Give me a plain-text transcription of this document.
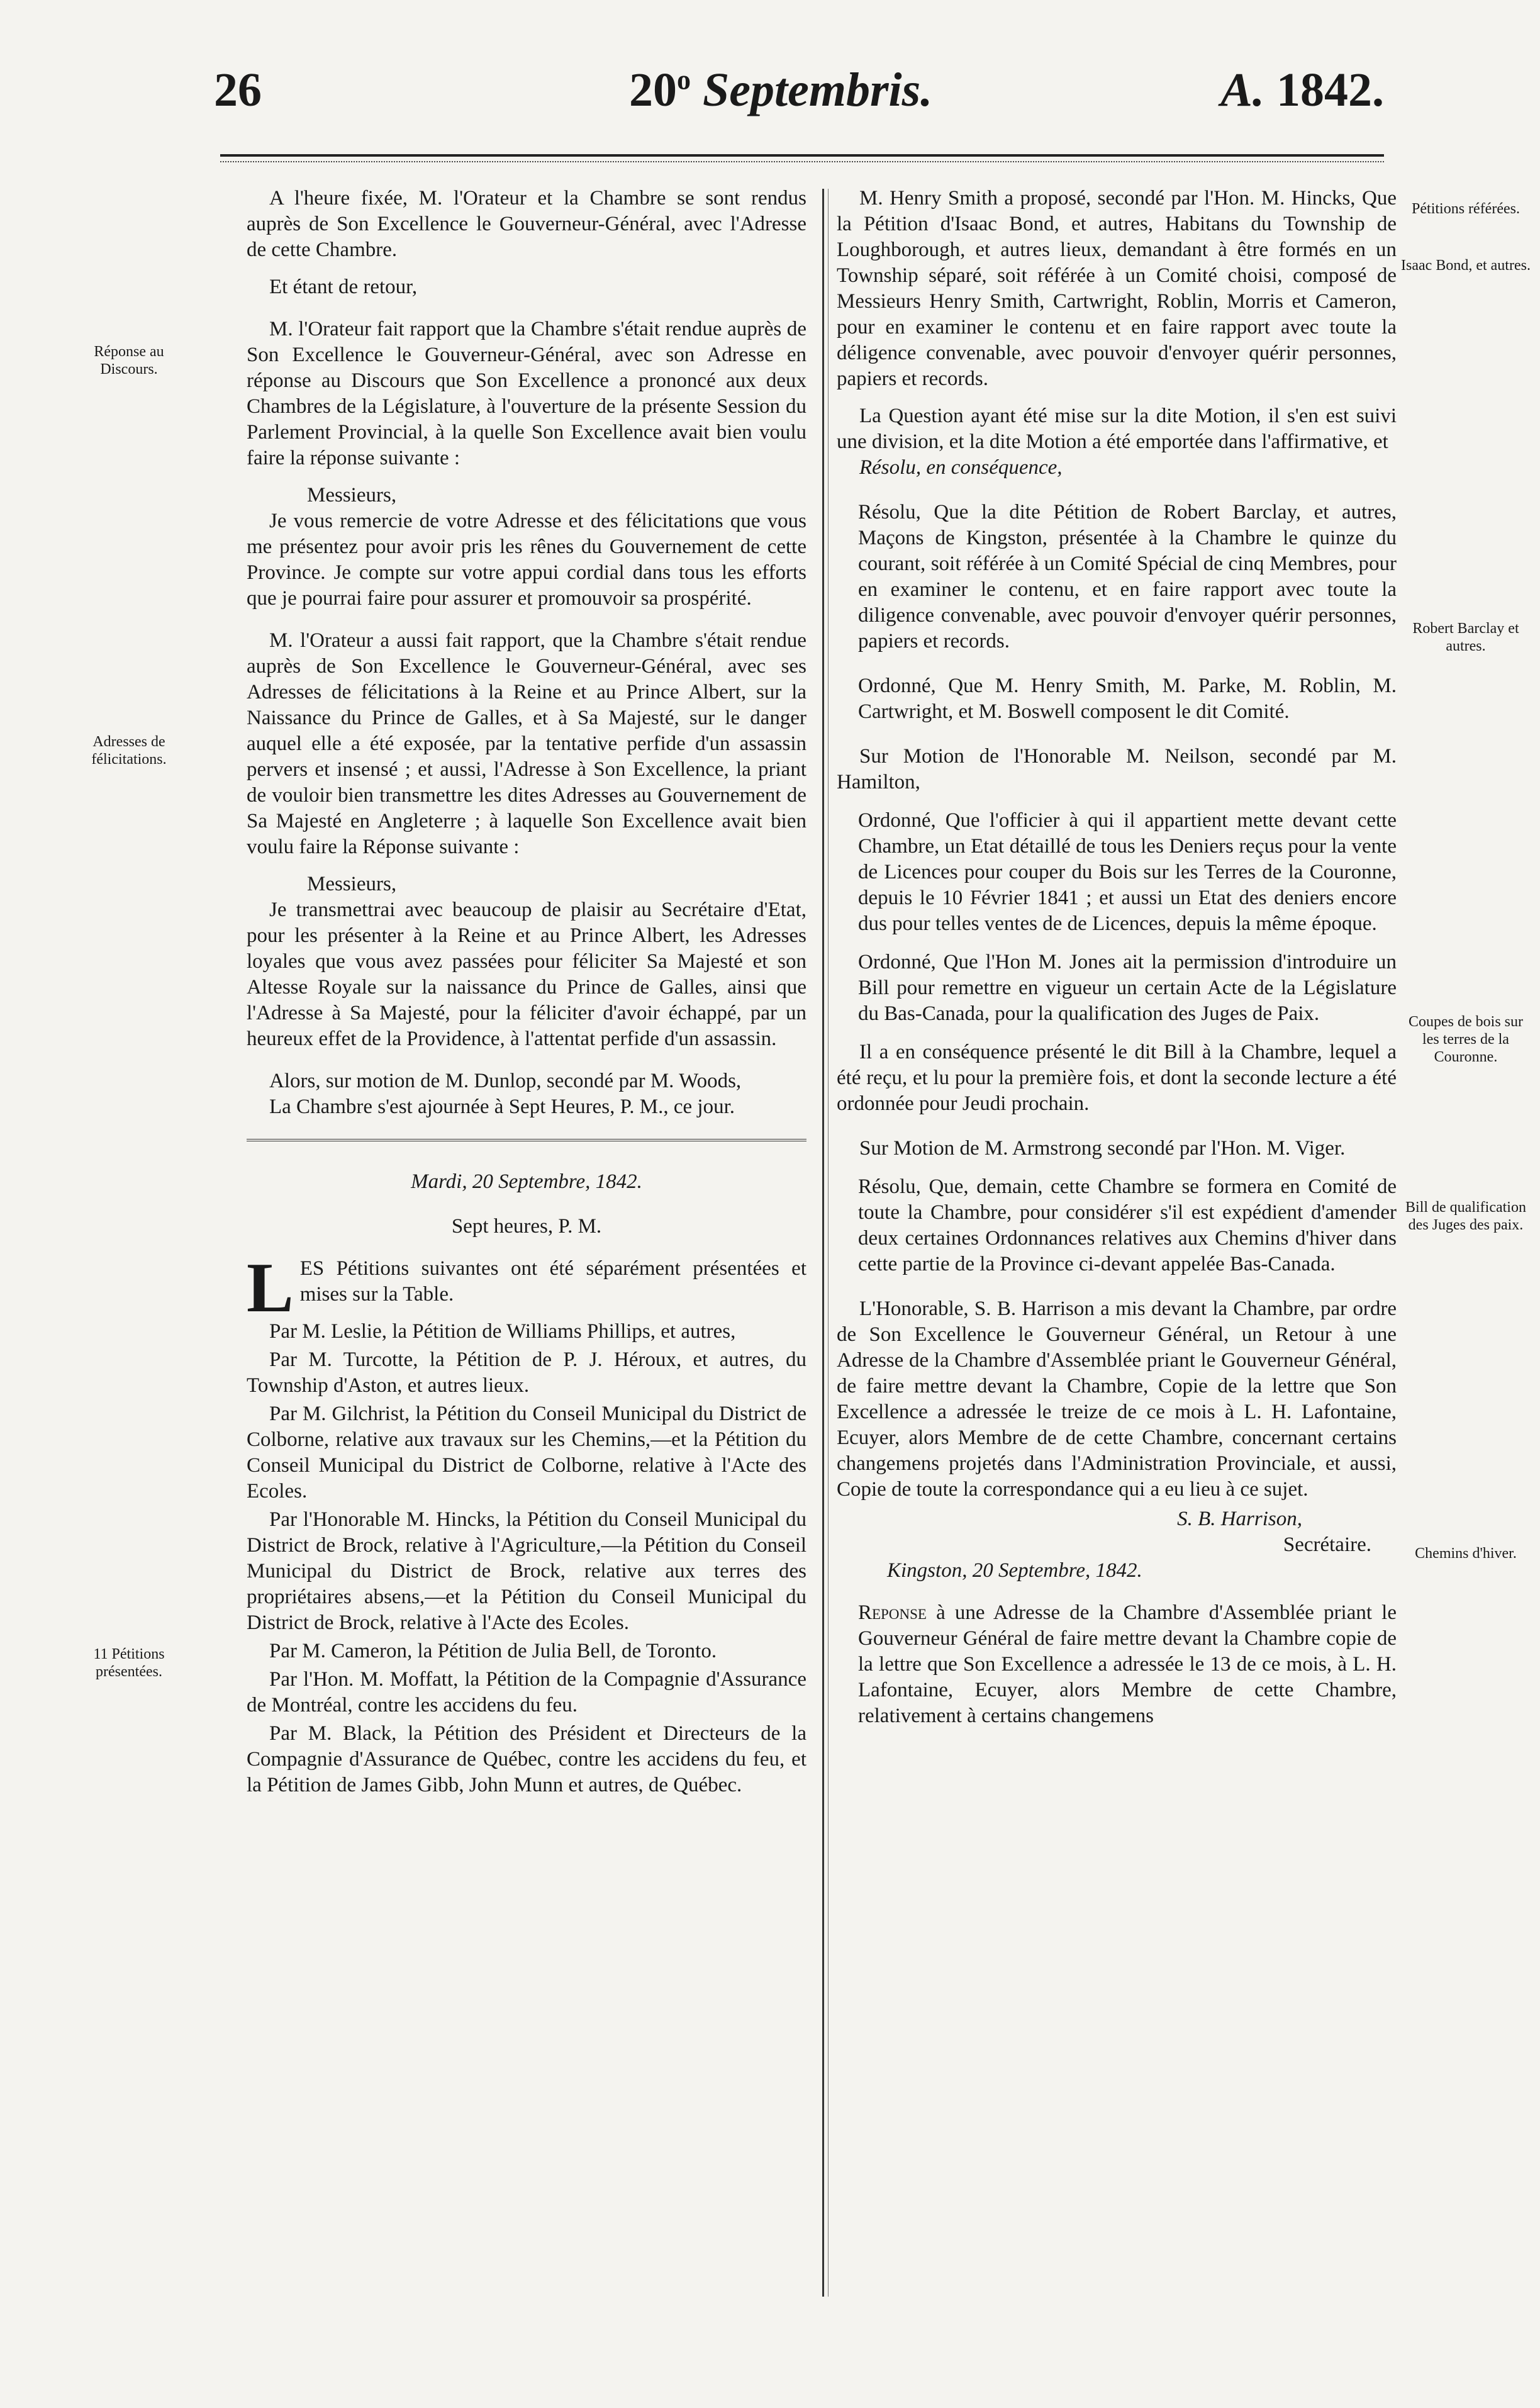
26	20$^o$ Septembris.	A. 1842.
Réponse au Discours.
Adresses de félicitations.
11 Pétitions présentées.
Pétitions référées.
Isaac Bond, et autres.
Robert Barclay et autres.
Coupes de bois sur les terres de la Couronne.
Bill de qualification des Juges des paix.
Chemins d'hiver.

A l'heure fixée, M. l'Orateur et la Chambre se sont rendus auprès de Son Excellence le Gouverneur-Général, avec l'Adresse de cette Chambre.

Et étant de retour,

M. l'Orateur fait rapport que la Chambre s'était rendue auprès de Son Excellence le Gouverneur-Général, avec son Adresse en réponse au Discours que Son Excellence a prononcé aux deux Chambres de la Législature, à l'ouverture de la présente Session du Parlement Provincial, à la quelle Son Excellence avait bien voulu faire la réponse suivante :

Messieurs,

Je vous remercie de votre Adresse et des félicitations que vous me présentez pour avoir pris les rênes du Gouvernement de cette Province. Je compte sur votre appui cordial dans tous les efforts que je pourrai faire pour assurer et promouvoir sa prospérité.

M. l'Orateur a aussi fait rapport, que la Chambre s'était rendue auprès de Son Excellence le Gouverneur-Général, avec ses Adresses de félicitations à la Reine et au Prince Albert, sur la Naissance du Prince de Galles, et à Sa Majesté, sur le danger auquel elle a été exposée, par la tentative perfide d'un assassin pervers et insensé ; et aussi, l'Adresse à Son Excellence, la priant de vouloir bien transmettre les dites Adresses au Gouvernement de Sa Majesté en Angleterre ; à laquelle Son Excellence avait bien voulu faire la Réponse suivante :

Messieurs,

Je transmettrai avec beaucoup de plaisir au Secrétaire d'Etat, pour les présenter à la Reine et au Prince Albert, les Adresses loyales que vous avez passées pour féliciter Sa Majesté et son Altesse Royale sur la naissance du Prince de Galles, ainsi que l'Adresse à Sa Majesté, pour la féliciter d'avoir échappé, par un heureux effet de la Providence, à l'attentat perfide d'un assassin.

Alors, sur motion de M. Dunlop, secondé par M. Woods,

La Chambre s'est ajournée à Sept Heures, P. M., ce jour.

Mardi, 20 Septembre, 1842.

Sept heures, P. M.

L ES Pétitions suivantes ont été séparément présentées et mises sur la Table.

Par M. Leslie, la Pétition de Williams Phillips, et autres,

Par M. Turcotte, la Pétition de P. J. Héroux, et autres, du Township d'Aston, et autres lieux.

Par M. Gilchrist, la Pétition du Conseil Municipal du District de Colborne, relative aux travaux sur les Chemins,—et la Pétition du Conseil Municipal du District de Colborne, relative à l'Acte des Ecoles.

Par l'Honorable M. Hincks, la Pétition du Conseil Municipal du District de Brock, relative à l'Agriculture,—la Pétition du Conseil Municipal du District de Brock, relative aux terres des propriétaires absens,—et la Pétition du Conseil Municipal du District de Brock, relative à l'Acte des Ecoles.

Par M. Cameron, la Pétition de Julia Bell, de Toronto.

Par l'Hon. M. Moffatt, la Pétition de la Compagnie d'Assurance de Montréal, contre les accidens du feu.

Par M. Black, la Pétition des Président et Directeurs de la Compagnie d'Assurance de Québec, contre les accidens du feu, et la Pétition de James Gibb, John Munn et autres, de Québec.

M. Henry Smith a proposé, secondé par l'Hon. M. Hincks, Que la Pétition d'Isaac Bond, et autres, Habitans du Township de Loughborough, et autres lieux, demandant à être formés en un Township séparé, soit référée à un Comité choisi, composé de Messieurs Henry Smith, Cartwright, Roblin, Morris et Cameron, pour en examiner le contenu et en faire rapport avec toute la déligence convenable, avec pouvoir d'envoyer quérir personnes, papiers et records.

La Question ayant été mise sur la dite Motion, il s'en est suivi une division, et la dite Motion a été emportée dans l'affirmative, et

Résolu, en conséquence,

Résolu, Que la dite Pétition de Robert Barclay, et autres, Maçons de Kingston, présentée à la Chambre le quinze du courant, soit référée à un Comité Spécial de cinq Membres, pour en examiner le contenu, et en faire rapport avec toute la diligence convenable, avec pouvoir d'envoyer quérir personnes, papiers et records.

Ordonné, Que M. Henry Smith, M. Parke, M. Roblin, M. Cartwright, et M. Boswell composent le dit Comité.

Sur Motion de l'Honorable M. Neilson, secondé par M. Hamilton,

Ordonné, Que l'officier à qui il appartient mette devant cette Chambre, un Etat détaillé de tous les Deniers reçus pour la vente de Licences pour couper du Bois sur les Terres de la Couronne, depuis le 10 Février 1841 ; et aussi un Etat des deniers encore dus pour telles ventes de de Licences, depuis la même époque.

Ordonné, Que l'Hon M. Jones ait la permission d'introduire un Bill pour remettre en vigueur un certain Acte de la Législature du Bas-Canada, pour la qualification des Juges de Paix.

Il a en conséquence présenté le dit Bill à la Chambre, lequel a été reçu, et lu pour la première fois, et dont la seconde lecture a été ordonnée pour Jeudi prochain.

Sur Motion de M. Armstrong secondé par l'Hon. M. Viger.

Résolu, Que, demain, cette Chambre se formera en Comité de toute la Chambre, pour considérer s'il est expédient d'amender deux certaines Ordonnances relatives aux Chemins d'hiver dans cette partie de la Province ci-devant appelée Bas-Canada.

L'Honorable, S. B. Harrison a mis devant la Chambre, par ordre de Son Excellence le Gouverneur Général, un Retour à une Adresse de la Chambre d'Assemblée priant le Gouverneur Général, de faire mettre devant la Chambre, Copie de la lettre que Son Excellence a adressée le treize de ce mois à L. H. Lafontaine, Ecuyer, alors Membre de de cette Chambre, concernant certains changemens projetés dans l'Administration Provinciale, et aussi, Copie de toute la correspondance qui a eu lieu à ce sujet.

S. B. Harrison,

Secrétaire.

Kingston, 20 Septembre, 1842.

Reponse à une Adresse de la Chambre d'Assemblée priant le Gouverneur Général de faire mettre devant la Chambre copie de la lettre que Son Excellence a adressée le 13 de ce mois, à L. H. Lafontaine, Ecuyer, alors Membre de cette Chambre, relativement à certains changemens
